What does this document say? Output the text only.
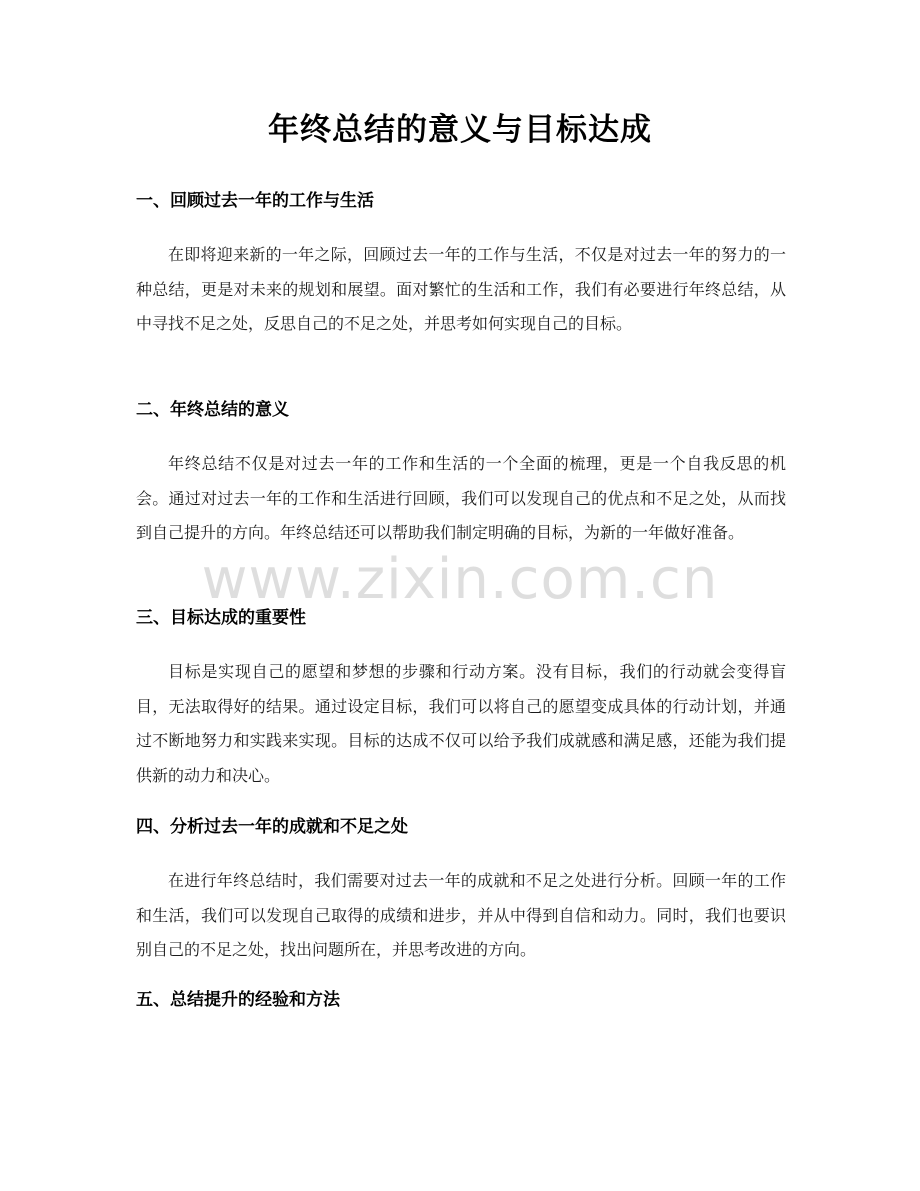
年终总结的意义与目标达成
一、回顾过去一年的工作与生活

在即将迎来新的一年之际，回顾过去一年的工作与生活，不仅是对过去一年的努力的一种总结，更是对未来的规划和展望。面对繁忙的生活和工作，我们有必要进行年终总结，从中寻找不足之处，反思自己的不足之处，并思考如何实现自己的目标。

二、年终总结的意义

年终总结不仅是对过去一年的工作和生活的一个全面的梳理，更是一个自我反思的机会。通过对过去一年的工作和生活进行回顾，我们可以发现自己的优点和不足之处，从而找到自己提升的方向。年终总结还可以帮助我们制定明确的目标，为新的一年做好准备。

三、目标达成的重要性

目标是实现自己的愿望和梦想的步骤和行动方案。没有目标，我们的行动就会变得盲目，无法取得好的结果。通过设定目标，我们可以将自己的愿望变成具体的行动计划，并通过不断地努力和实践来实现。目标的达成不仅可以给予我们成就感和满足感，还能为我们提供新的动力和决心。

四、分析过去一年的成就和不足之处

在进行年终总结时，我们需要对过去一年的成就和不足之处进行分析。回顾一年的工作和生活，我们可以发现自己取得的成绩和进步，并从中得到自信和动力。同时，我们也要识别自己的不足之处，找出问题所在，并思考改进的方向。

五、总结提升的经验和方法
www.zixin.com.cn
